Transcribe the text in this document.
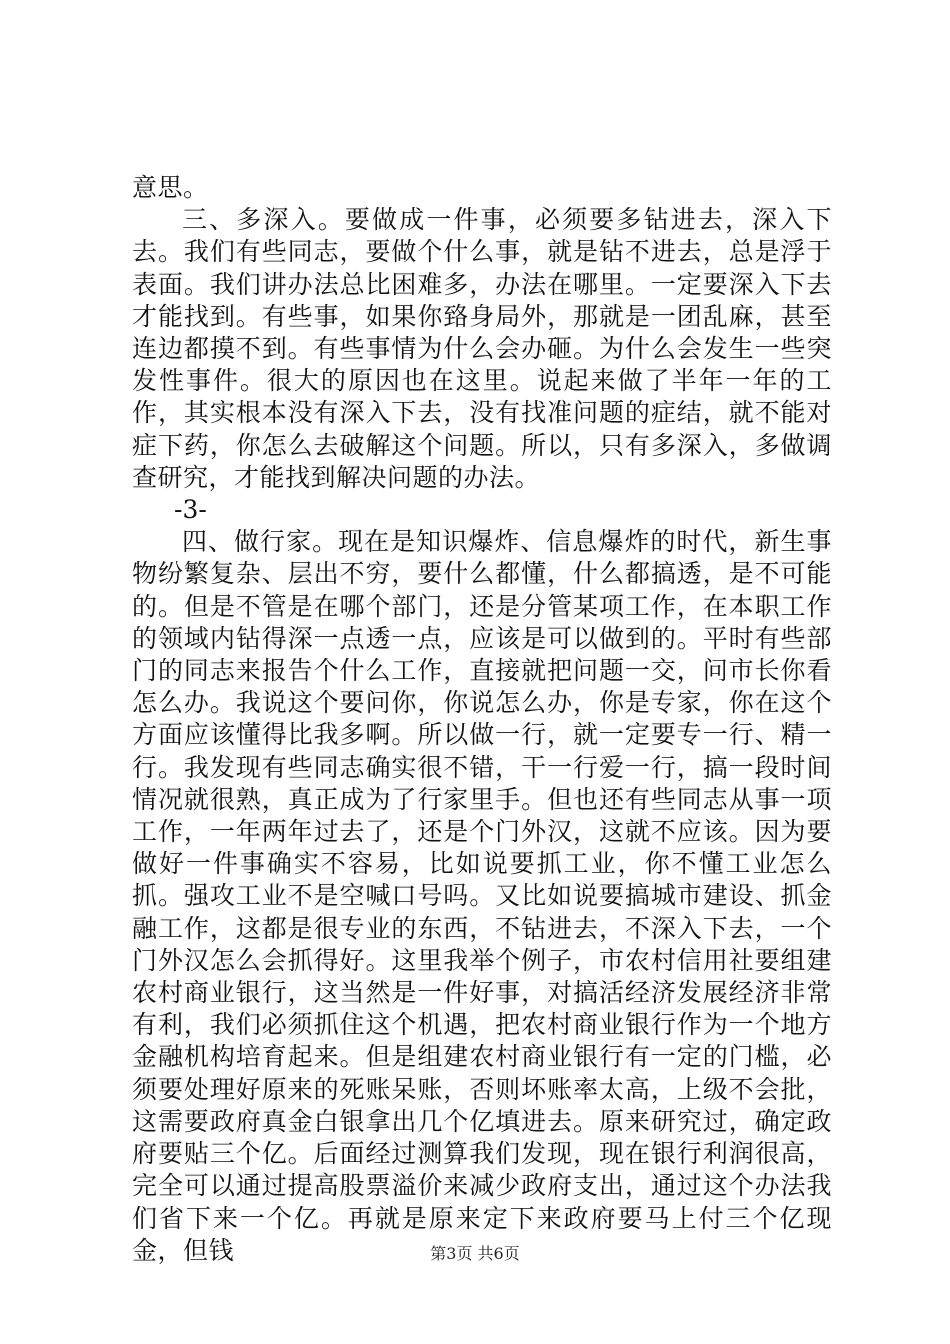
意思。

三、多深入。要做成一件事，必须要多钻进去，深入下去。我们有些同志，要做个什么事，就是钻不进去，总是浮于表面。我们讲办法总比困难多，办法在哪里。一定要深入下去才能找到。有些事，如果你臵身局外，那就是一团乱麻，甚至连边都摸不到。有些事情为什么会办砸。为什么会发生一些突发性事件。很大的原因也在这里。说起来做了半年一年的工作，其实根本没有深入下去，没有找准问题的症结，就不能对症下药，你怎么去破解这个问题。所以，只有多深入，多做调查研究，才能找到解决问题的办法。

-3-

四、做行家。现在是知识爆炸、信息爆炸的时代，新生事物纷繁复杂、层出不穷，要什么都懂，什么都搞透，是不可能的。但是不管是在哪个部门，还是分管某项工作，在本职工作的领域内钻得深一点透一点，应该是可以做到的。平时有些部门的同志来报告个什么工作，直接就把问题一交，问市长你看怎么办。我说这个要问你，你说怎么办，你是专家，你在这个方面应该懂得比我多啊。所以做一行，就一定要专一行、精一行。我发现有些同志确实很不错，干一行爱一行，搞一段时间情况就很熟，真正成为了行家里手。但也还有些同志从事一项工作，一年两年过去了，还是个门外汉，这就不应该。因为要做好一件事确实不容易，比如说要抓工业，你不懂工业怎么抓。强攻工业不是空喊口号吗。又比如说要搞城市建设、抓金融工作，这都是很专业的东西，不钻进去，不深入下去，一个门外汉怎么会抓得好。这里我举个例子，市农村信用社要组建农村商业银行，这当然是一件好事，对搞活经济发展经济非常有利，我们必须抓住这个机遇，把农村商业银行作为一个地方金融机构培育起来。但是组建农村商业银行有一定的门槛，必须要处理好原来的死账呆账，否则坏账率太高，上级不会批，这需要政府真金白银拿出几个亿填进去。原来研究过，确定政府要贴三个亿。后面经过测算我们发现，现在银行利润很高，完全可以通过提高股票溢价来减少政府支出，通过这个办法我们省下来一个亿。再就是原来定下来政府要马上付三个亿现金，但钱	第3页 共6页
